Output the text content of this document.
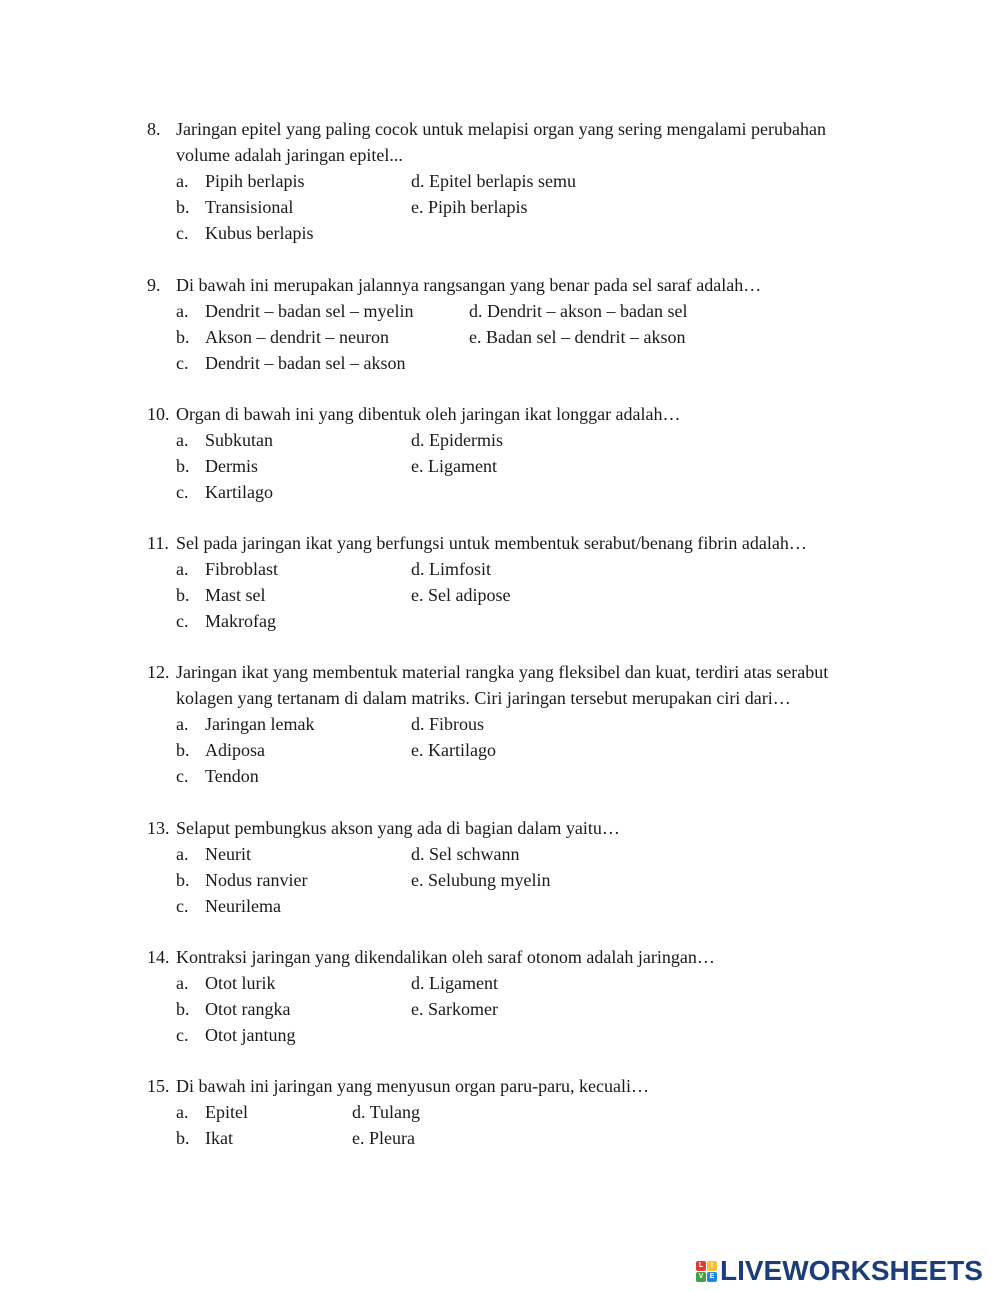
8. Jaringan epitel yang paling cocok untuk melapisi organ yang sering mengalami perubahan
volume adalah jaringan epitel...
a. Pipih berlapis
b. Transisional
c. Kubus berlapis
d. Epitel berlapis semu
e. Pipih berlapis
9. Di bawah ini merupakan jalannya rangsangan yang benar pada sel saraf adalah…
a. Dendrit – badan sel – myelin
b. Akson – dendrit – neuron
c. Dendrit – badan sel – akson
d. Dendrit – akson – badan sel
e. Badan sel – dendrit – akson
10. Organ di bawah ini yang dibentuk oleh jaringan ikat longgar adalah…
a. Subkutan
b. Dermis
c. Kartilago
d. Epidermis
e. Ligament
11. Sel pada jaringan ikat yang berfungsi untuk membentuk serabut/benang fibrin adalah…
a. Fibroblast
b. Mast sel
c. Makrofag
d. Limfosit
e. Sel adipose
12. Jaringan ikat yang membentuk material rangka yang fleksibel dan kuat, terdiri atas serabut
kolagen yang tertanam di dalam matriks. Ciri jaringan tersebut merupakan ciri dari…
a. Jaringan lemak
b. Adiposa
c. Tendon
d. Fibrous
e. Kartilago
13. Selaput pembungkus akson yang ada di bagian dalam yaitu…
a. Neurit
b. Nodus ranvier
c. Neurilema
d. Sel schwann
e. Selubung myelin
14. Kontraksi jaringan yang dikendalikan oleh saraf otonom adalah jaringan…
a. Otot lurik
b. Otot rangka
c. Otot jantung
d. Ligament
e. Sarkomer
15. Di bawah ini jaringan yang menyusun organ paru-paru, kecuali…
a. Epitel
b. Ikat
d. Tulang
e. Pleura
L	I
V E LIVEWORKSHEETS
